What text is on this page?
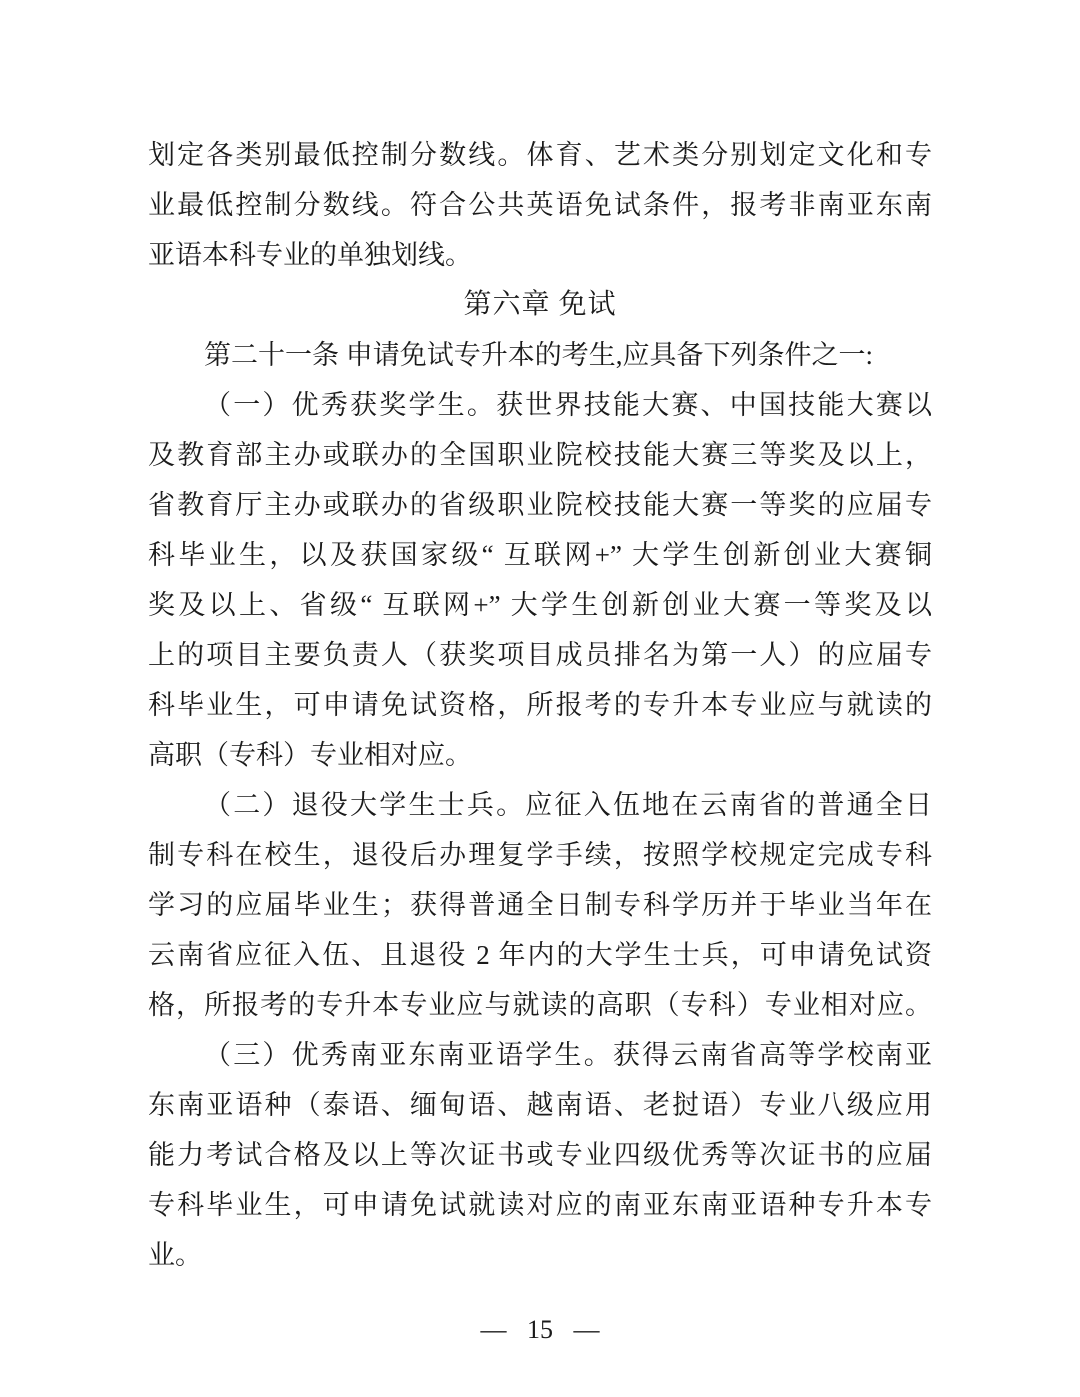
划定各类别最低控制分数线。体育、艺术类分别划定文化和专
业最低控制分数线。符合公共英语免试条件，报考非南亚东南
亚语本科专业的单独划线。
第六章 免试
第二十一条 申请免试专升本的考生,应具备下列条件之一:
（一）优秀获奖学生。获世界技能大赛、中国技能大赛以
及教育部主办或联办的全国职业院校技能大赛三等奖及以上，
省教育厅主办或联办的省级职业院校技能大赛一等奖的应届专
科毕业生，以及获国家级“ 互联网+” 大学生创新创业大赛铜
奖及以上、省级“ 互联网+” 大学生创新创业大赛一等奖及以
上的项目主要负责人（获奖项目成员排名为第一人）的应届专
科毕业生，可申请免试资格，所报考的专升本专业应与就读的
高职（专科）专业相对应。
（二）退役大学生士兵。应征入伍地在云南省的普通全日
制专科在校生，退役后办理复学手续，按照学校规定完成专科
学习的应届毕业生；获得普通全日制专科学历并于毕业当年在
云南省应征入伍、且退役 2 年内的大学生士兵，可申请免试资
格，所报考的专升本专业应与就读的高职（专科）专业相对应。
（三）优秀南亚东南亚语学生。获得云南省高等学校南亚
东南亚语种（泰语、缅甸语、越南语、老挝语）专业八级应用
能力考试合格及以上等次证书或专业四级优秀等次证书的应届
专科毕业生，可申请免试就读对应的南亚东南亚语种专升本专
业。
— 15 —
